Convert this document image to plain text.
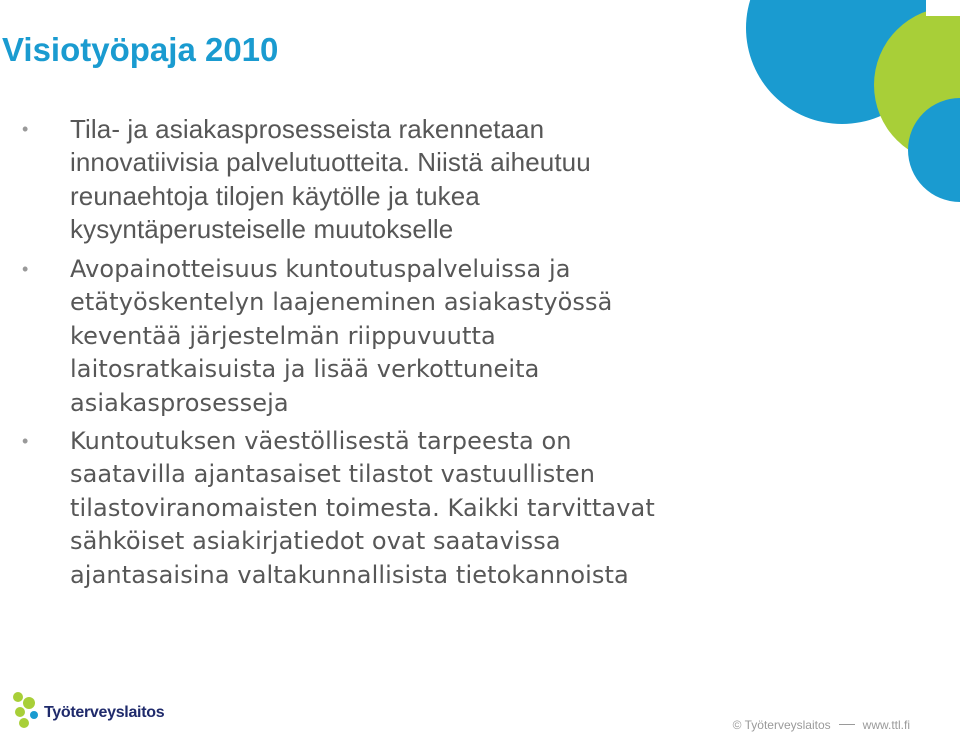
Visiotyöpaja 2010
• Tila- ja asiakasprosesseista rakennetaan
innovatiivisia palvelutuotteita. Niistä aiheutuu
reunaehtoja tilojen käytölle ja tukea
kysyntäperusteiselle muutokselle
• Avopainotteisuus kuntoutuspalveluissa ja
etätyöskentelyn laajeneminen asiakastyössä
keventää järjestelmän riippuvuutta
laitosratkaisuista ja lisää verkottuneita
asiakasprosesseja
• Kuntoutuksen väestöllisestä tarpeesta on
saatavilla ajantasaiset tilastot vastuullisten
tilastoviranomaisten toimesta. Kaikki tarvittavat
sähköiset asiakirjatiedot ovat saatavissa
ajantasaisina valtakunnallisista tietokannoista
Työterveyslaitos
© Työterveyslaitos	www.ttl.fi
